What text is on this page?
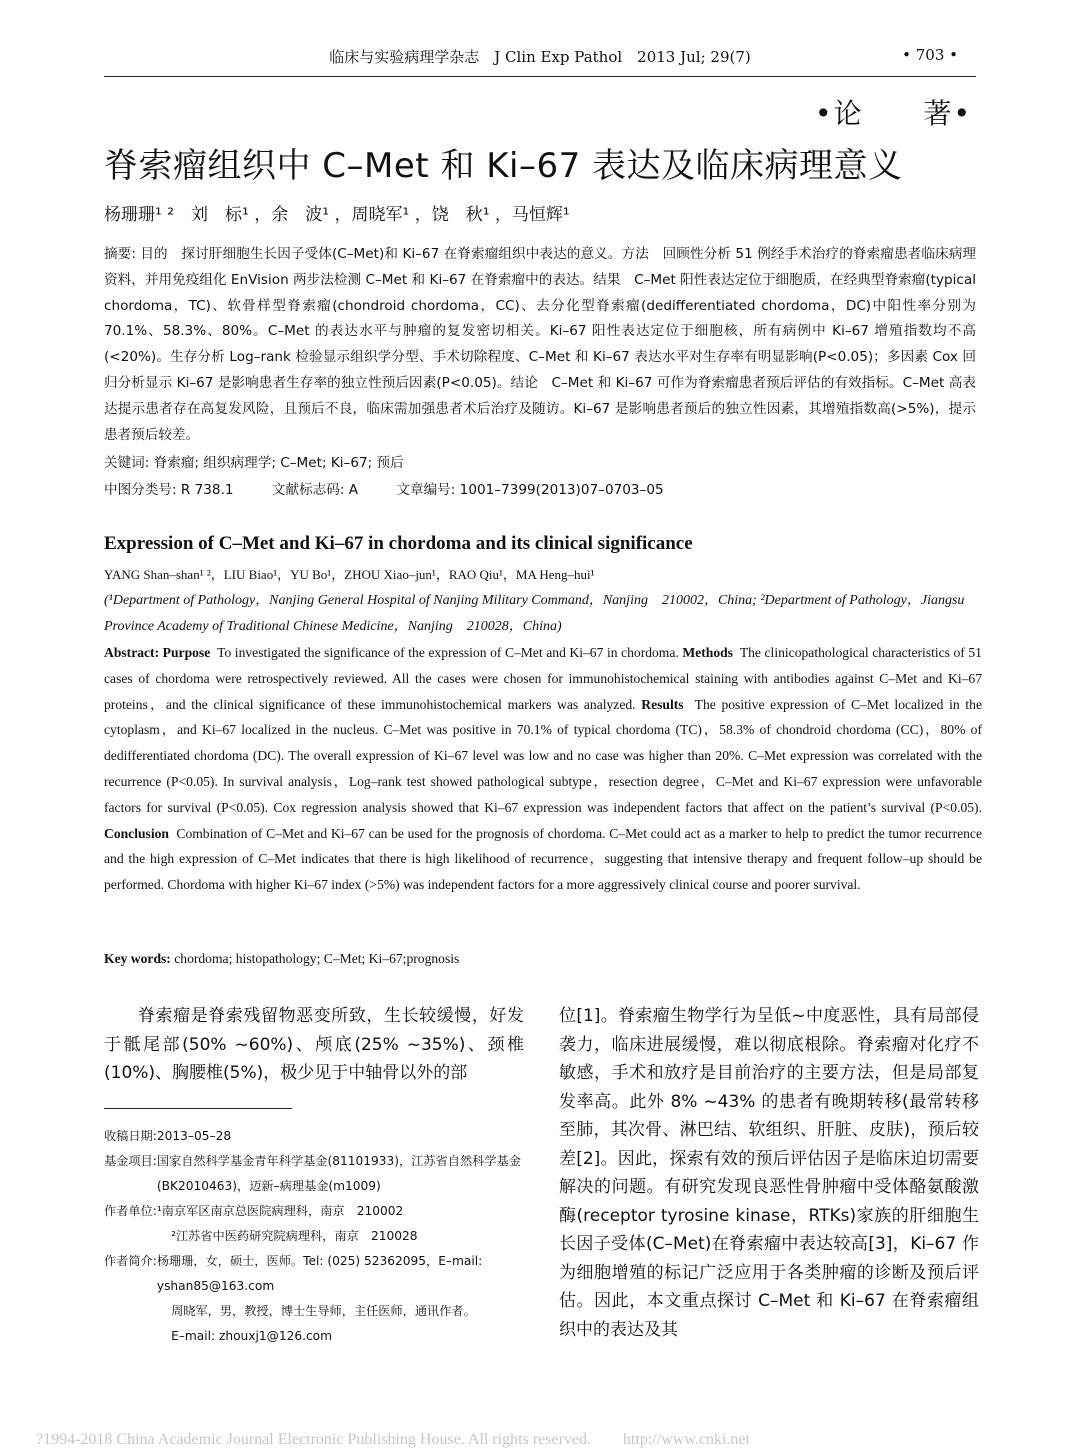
临床与实验病理学杂志　J Clin Exp Pathol　2013 Jul; 29(7)	• 703 •
•论　　著•
脊索瘤组织中 C–Met 和 Ki–67 表达及临床病理意义
杨珊珊¹ ²　刘　标¹ ，余　波¹ ，周晓军¹ ，饶　秋¹ ，马恒辉¹
摘要: 目的　探讨肝细胞生长因子受体(C–Met)和 Ki–67 在脊索瘤组织中表达的意义。方法　回顾性分析 51 例经手术治疗的脊索瘤患者临床病理资料，并用免疫组化 EnVision 两步法检测 C–Met 和 Ki–67 在脊索瘤中的表达。结果　C–Met 阳性表达定位于细胞质，在经典型脊索瘤(typical chordoma，TC)、软骨样型脊索瘤(chondroid chordoma，CC)、去分化型脊索瘤(dedifferentiated chordoma，DC)中阳性率分别为 70.1%、58.3%、80%。C–Met 的表达水平与肿瘤的复发密切相关。Ki–67 阳性表达定位于细胞核，所有病例中 Ki–67 增殖指数均不高(<20%)。生存分析 Log–rank 检验显示组织学分型、手术切除程度、C–Met 和 Ki–67 表达水平对生存率有明显影响(P<0.05)；多因素 Cox 回归分析显示 Ki–67 是影响患者生存率的独立性预后因素(P<0.05)。结论　C–Met 和 Ki–67 可作为脊索瘤患者预后评估的有效指标。C–Met 高表达提示患者存在高复发风险，且预后不良，临床需加强患者术后治疗及随访。Ki–67 是影响患者预后的独立性因素，其增殖指数高(>5%)，提示患者预后较差。
关键词: 脊索瘤; 组织病理学; C–Met; Ki–67; 预后
中图分类号: R 738.1	文献标志码: A	文章编号: 1001–7399(2013)07–0703–05
Expression of C–Met and Ki–67 in chordoma and its clinical significance
YANG Shan–shan¹ ²，LIU Biao¹，YU Bo¹，ZHOU Xiao–jun¹，RAO Qiu¹，MA Heng–hui¹
(¹Department of Pathology，Nanjing General Hospital of Nanjing Military Command，Nanjing　210002，China; ²Department of Pathology，Jiangsu Province Academy of Traditional Chinese Medicine，Nanjing　210028，China)
Abstract: Purpose To investigated the significance of the expression of C–Met and Ki–67 in chordoma. Methods The clinicopathological characteristics of 51 cases of chordoma were retrospectively reviewed. All the cases were chosen for immunohistochemical staining with antibodies against C–Met and Ki–67 proteins，and the clinical significance of these immunohistochemical markers was analyzed. Results The positive expression of C–Met localized in the cytoplasm，and Ki–67 localized in the nucleus. C–Met was positive in 70.1% of typical chordoma (TC)，58.3% of chondroid chordoma (CC)，80% of dedifferentiated chordoma (DC). The overall expression of Ki–67 level was low and no case was higher than 20%. C–Met expression was correlated with the recurrence (P<0.05). In survival analysis，Log–rank test showed pathological subtype，resection degree，C–Met and Ki–67 expression were unfavorable factors for survival (P<0.05). Cox regression analysis showed that Ki–67 expression was independent factors that affect on the patient’s survival (P<0.05). Conclusion Combination of C–Met and Ki–67 can be used for the prognosis of chordoma. C–Met could act as a marker to help to predict the tumor recurrence and the high expression of C–Met indicates that there is high likelihood of recurrence，suggesting that intensive therapy and frequent follow–up should be performed. Chordoma with higher Ki–67 index (>5%) was independent factors for a more aggressively clinical course and poorer survival.
Key words: chordoma; histopathology; C–Met; Ki–67;prognosis
脊索瘤是脊索残留物恶变所致，生长较缓慢，好发于骶尾部(50% ~60%)、颅底(25% ~35%)、颈椎(10%)、胸腰椎(5%)，极少见于中轴骨以外的部
收稿日期: 2013–05–28
基金项目: 国家自然科学基金青年科学基金(81101933)，江苏省自然科学基金(BK2010463)，迈新–病理基金(m1009)
作者单位: ¹南京军区南京总医院病理科，南京　210002
²江苏省中医药研究院病理科，南京　210028
作者简介: 杨珊珊，女，硕士，医师。Tel: (025) 52362095，E–mail: yshan85@163.com
周晓军，男，教授，博士生导师，主任医师，通讯作者。
E–mail: zhouxj1@126.com
位[1]。脊索瘤生物学行为呈低~中度恶性，具有局部侵袭力，临床进展缓慢，难以彻底根除。脊索瘤对化疗不敏感，手术和放疗是目前治疗的主要方法，但是局部复发率高。此外 8% ~43% 的患者有晚期转移(最常转移至肺，其次骨、淋巴结、软组织、肝脏、皮肤)，预后较差[2]。因此，探索有效的预后评估因子是临床迫切需要解决的问题。有研究发现良恶性骨肿瘤中受体酪氨酸激酶(receptor tyrosine kinase，RTKs)家族的肝细胞生长因子受体(C–Met)在脊索瘤中表达较高[3]，Ki–67 作为细胞增殖的标记广泛应用于各类肿瘤的诊断及预后评估。因此，本文重点探讨 C–Met 和 Ki–67 在脊索瘤组织中的表达及其
?1994-2018 China Academic Journal Electronic Publishing House. All rights reserved.　　http://www.cnki.net
